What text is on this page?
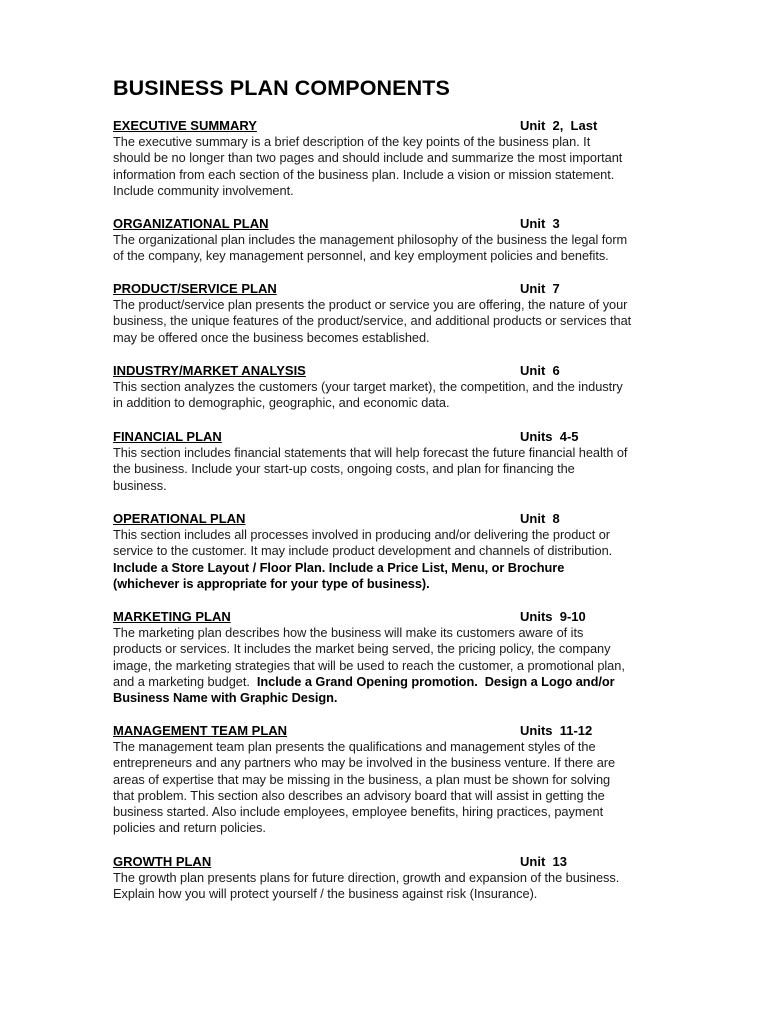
BUSINESS PLAN COMPONENTS
EXECUTIVE SUMMARY	Unit  2,  Last
The executive summary is a brief description of the key points of the business plan. It
should be no longer than two pages and should include and summarize the most important
information from each section of the business plan. Include a vision or mission statement.
Include community involvement.
ORGANIZATIONAL PLAN	Unit  3
The organizational plan includes the management philosophy of the business the legal form
of the company, key management personnel, and key employment policies and benefits.
PRODUCT/SERVICE PLAN	Unit  7
The product/service plan presents the product or service you are offering, the nature of your
business, the unique features of the product/service, and additional products or services that
may be offered once the business becomes established.
INDUSTRY/MARKET ANALYSIS	Unit  6
This section analyzes the customers (your target market), the competition, and the industry
in addition to demographic, geographic, and economic data.
FINANCIAL PLAN	Units  4-5
This section includes financial statements that will help forecast the future financial health of
the business. Include your start-up costs, ongoing costs, and plan for financing the
business.
OPERATIONAL PLAN	Unit  8
This section includes all processes involved in producing and/or delivering the product or
service to the customer. It may include product development and channels of distribution.
Include a Store Layout / Floor Plan. Include a Price List, Menu, or Brochure
(whichever is appropriate for your type of business).
MARKETING PLAN	Units  9-10
The marketing plan describes how the business will make its customers aware of its
products or services. It includes the market being served, the pricing policy, the company
image, the marketing strategies that will be used to reach the customer, a promotional plan,
and a marketing budget.  Include a Grand Opening promotion.  Design a Logo and/or
Business Name with Graphic Design.
MANAGEMENT TEAM PLAN	Units  11-12
The management team plan presents the qualifications and management styles of the
entrepreneurs and any partners who may be involved in the business venture. If there are
areas of expertise that may be missing in the business, a plan must be shown for solving
that problem. This section also describes an advisory board that will assist in getting the
business started. Also include employees, employee benefits, hiring practices, payment
policies and return policies.
GROWTH PLAN	Unit  13
The growth plan presents plans for future direction, growth and expansion of the business.
Explain how you will protect yourself / the business against risk (Insurance).
